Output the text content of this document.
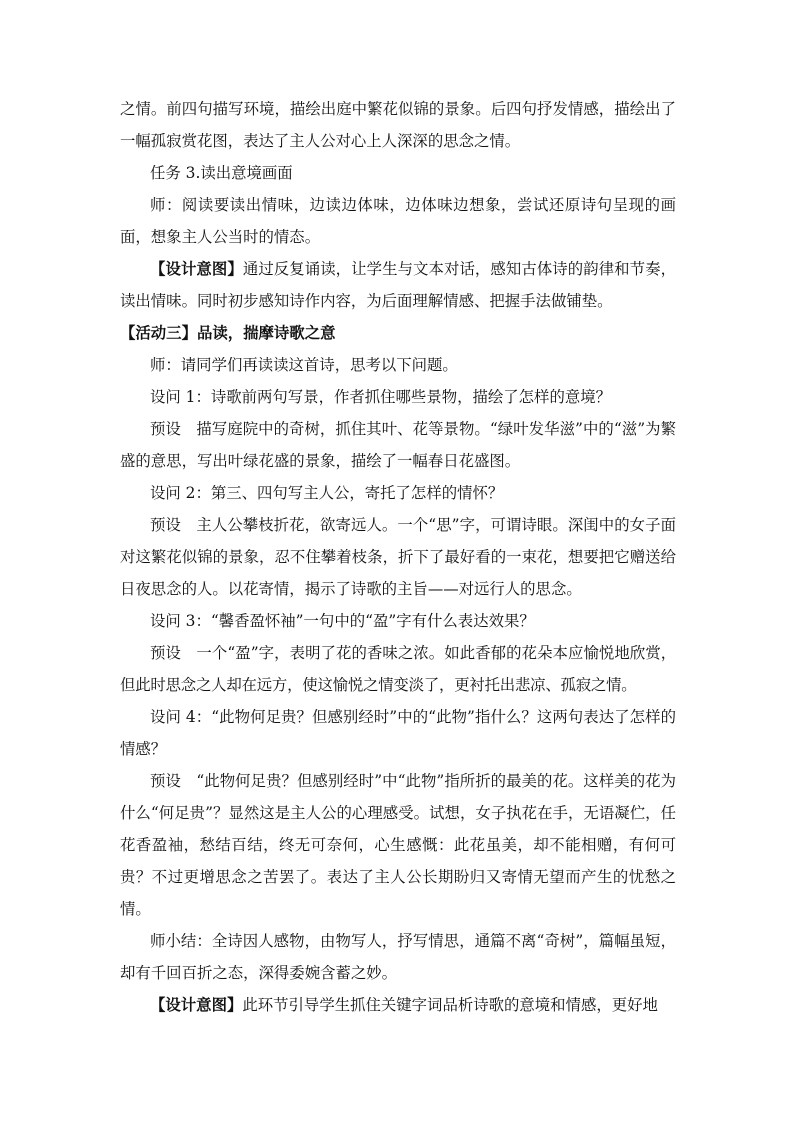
之情。前四句描写环境，描绘出庭中繁花似锦的景象。后四句抒发情感，描绘出了一幅孤寂赏花图，表达了主人公对心上人深深的思念之情。

任务 3.读出意境画面

师：阅读要读出情味，边读边体味，边体味边想象，尝试还原诗句呈现的画面，想象主人公当时的情态。

【设计意图】通过反复诵读，让学生与文本对话，感知古体诗的韵律和节奏，读出情味。同时初步感知诗作内容，为后面理解情感、把握手法做铺垫。

【活动三】品读，揣摩诗歌之意

师：请同学们再读读这首诗，思考以下问题。

设问 1：诗歌前两句写景，作者抓住哪些景物，描绘了怎样的意境？

预设　描写庭院中的奇树，抓住其叶、花等景物。“绿叶发华滋”中的“滋”为繁盛的意思，写出叶绿花盛的景象，描绘了一幅春日花盛图。

设问 2：第三、四句写主人公，寄托了怎样的情怀？

预设　主人公攀枝折花，欲寄远人。一个“思”字，可谓诗眼。深闺中的女子面对这繁花似锦的景象，忍不住攀着枝条，折下了最好看的一束花，想要把它赠送给日夜思念的人。以花寄情，揭示了诗歌的主旨——对远行人的思念。

设问 3：“馨香盈怀袖”一句中的“盈”字有什么表达效果？

预设　一个“盈”字，表明了花的香味之浓。如此香郁的花朵本应愉悦地欣赏，但此时思念之人却在远方，使这愉悦之情变淡了，更衬托出悲凉、孤寂之情。

设问 4：“此物何足贵？但感别经时”中的“此物”指什么？这两句表达了怎样的情感？

预设　“此物何足贵？但感别经时”中“此物”指所折的最美的花。这样美的花为什么“何足贵”？显然这是主人公的心理感受。试想，女子执花在手，无语凝伫，任花香盈袖，愁结百结，终无可奈何，心生感慨：此花虽美，却不能相赠，有何可贵？不过更增思念之苦罢了。表达了主人公长期盼归又寄情无望而产生的忧愁之情。

师小结：全诗因人感物，由物写人，抒写情思，通篇不离“奇树”，篇幅虽短，却有千回百折之态，深得委婉含蓄之妙。

【设计意图】此环节引导学生抓住关键字词品析诗歌的意境和情感，更好地
